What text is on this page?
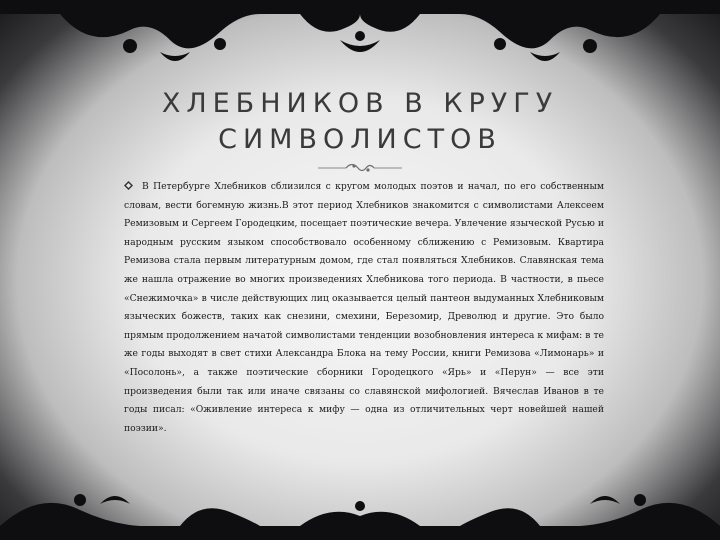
ХЛЕБНИКОВ В КРУГУ
СИМВОЛИСТОВ
В Петербурге Хлебников сблизился с кругом молодых поэтов и начал, по его собственным словам, вести богемную жизнь.В этот период Хлебников знакомится с символистами Алексеем Ремизовым и Сергеем Городецким, посещает поэтические вечера. Увлечение языческой Русью и народным русским языком способствовало особенному сближению с Ремизовым. Квартира Ремизова стала первым литературным домом, где стал появляться Хлебников. Славянская тема же нашла отражение во многих произведениях Хлебникова того периода. В частности, в пьесе «Снежимочка» в числе действующих лиц оказывается целый пантеон выдуманных Хлебниковым языческих божеств, таких как снезини, смехини, Березомир, Древолюд и другие. Это было прямым продолжением начатой символистами тенденции возобновления интереса к мифам: в те же годы выходят в свет стихи Александра Блока на тему России, книги Ремизова «Лимонарь» и «Посолонь», а также поэтические сборники Городецкого «Ярь» и «Перун» — все эти произведения были так или иначе связаны со славянской мифологией. Вячеслав Иванов в те годы писал: «Оживление интереса к мифу — одна из отличительных черт новейшей нашей поэзии».
